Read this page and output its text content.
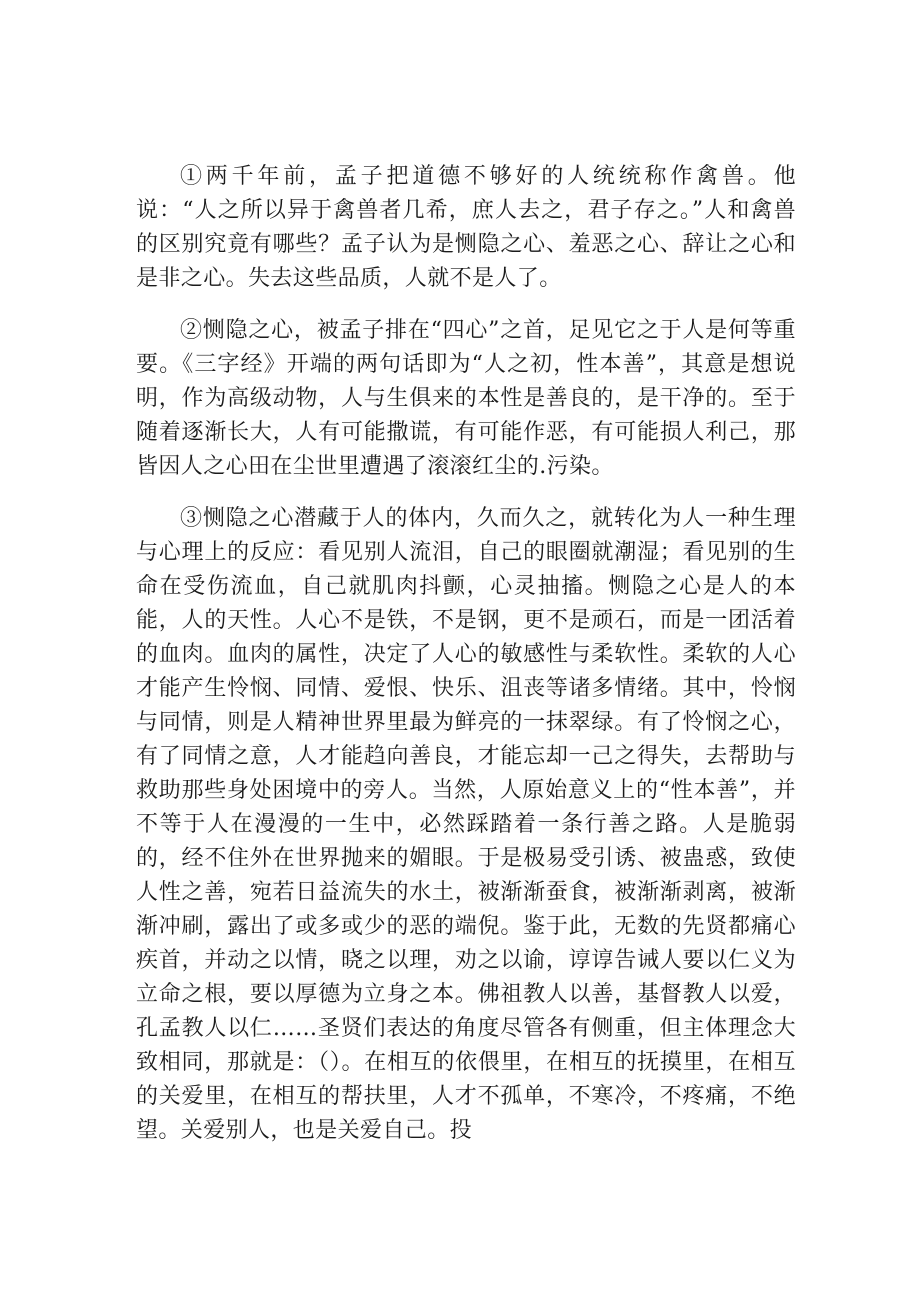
①两千年前，孟子把道德不够好的人统统称作禽兽。他说：“人之所以异于禽兽者几希，庶人去之，君子存之。”人和禽兽的区别究竟有哪些？孟子认为是恻隐之心、羞恶之心、辞让之心和是非之心。失去这些品质，人就不是人了。

②恻隐之心，被孟子排在“四心”之首，足见它之于人是何等重要。《三字经》开端的两句话即为“人之初，性本善”，其意是想说明，作为高级动物，人与生俱来的本性是善良的，是干净的。至于随着逐渐长大，人有可能撒谎，有可能作恶，有可能损人利己，那皆因人之心田在尘世里遭遇了滚滚红尘的.污染。

③恻隐之心潜藏于人的体内，久而久之，就转化为人一种生理与心理上的反应：看见别人流泪，自己的眼圈就潮湿；看见别的生命在受伤流血，自己就肌肉抖颤，心灵抽搐。恻隐之心是人的本能，人的天性。人心不是铁，不是钢，更不是顽石，而是一团活着的血肉。血肉的属性，决定了人心的敏感性与柔软性。柔软的人心才能产生怜悯、同情、爱恨、快乐、沮丧等诸多情绪。其中，怜悯与同情，则是人精神世界里最为鲜亮的一抹翠绿。有了怜悯之心，有了同情之意，人才能趋向善良，才能忘却一己之得失，去帮助与救助那些身处困境中的旁人。当然，人原始意义上的“性本善”，并不等于人在漫漫的一生中，必然踩踏着一条行善之路。人是脆弱的，经不住外在世界抛来的媚眼。于是极易受引诱、被蛊惑，致使人性之善，宛若日益流失的水土，被渐渐蚕食，被渐渐剥离，被渐渐冲刷，露出了或多或少的恶的端倪。鉴于此，无数的先贤都痛心疾首，并动之以情，晓之以理，劝之以谕，谆谆告诫人要以仁义为立命之根，要以厚德为立身之本。佛祖教人以善，基督教人以爱，孔孟教人以仁……圣贤们表达的角度尽管各有侧重，但主体理念大致相同，那就是：（）。在相互的依偎里，在相互的抚摸里，在相互的关爱里，在相互的帮扶里，人才不孤单，不寒冷，不疼痛，不绝望。关爱别人，也是关爱自己。投
